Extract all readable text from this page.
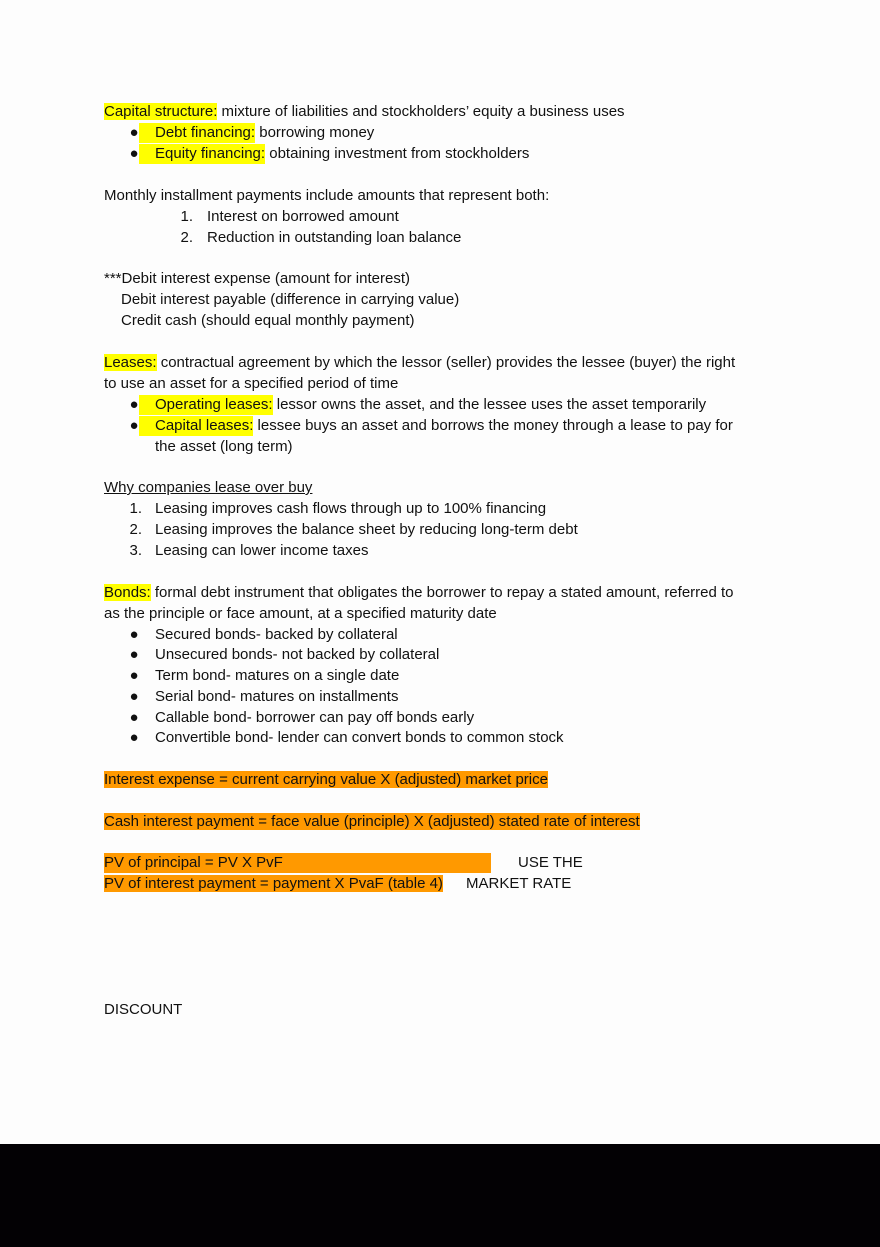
Capital structure: mixture of liabilities and stockholders’ equity a business uses
● Debt financing: borrowing money
● Equity financing: obtaining investment from stockholders
Monthly installment payments include amounts that represent both:
1. Interest on borrowed amount
2. Reduction in outstanding loan balance
***Debit interest expense (amount for interest)
Debit interest payable (difference in carrying value)
Credit cash (should equal monthly payment)
Leases: contractual agreement by which the lessor (seller) provides the lessee (buyer) the right
to use an asset for a specified period of time
● Operating leases: lessor owns the asset, and the lessee uses the asset temporarily
● Capital leases: lessee buys an asset and borrows the money through a lease to pay for
the asset (long term)
Why companies lease over buy
1. Leasing improves cash flows through up to 100% financing
2. Leasing improves the balance sheet by reducing long-term debt
3. Leasing can lower income taxes
Bonds: formal debt instrument that obligates the borrower to repay a stated amount, referred to
as the principle or face amount, at a specified maturity date
● Secured bonds- backed by collateral
● Unsecured bonds- not backed by collateral
● Term bond- matures on a single date
● Serial bond- matures on installments
● Callable bond- borrower can pay off bonds early
● Convertible bond- lender can convert bonds to common stock
Interest expense = current carrying value X (adjusted) market price
Cash interest payment = face value (principle) X (adjusted) stated rate of interest
PV of principal = PV X PvF	USE THE
PV of interest payment = payment X PvaF (table 4) MARKET RATE
DISCOUNT
